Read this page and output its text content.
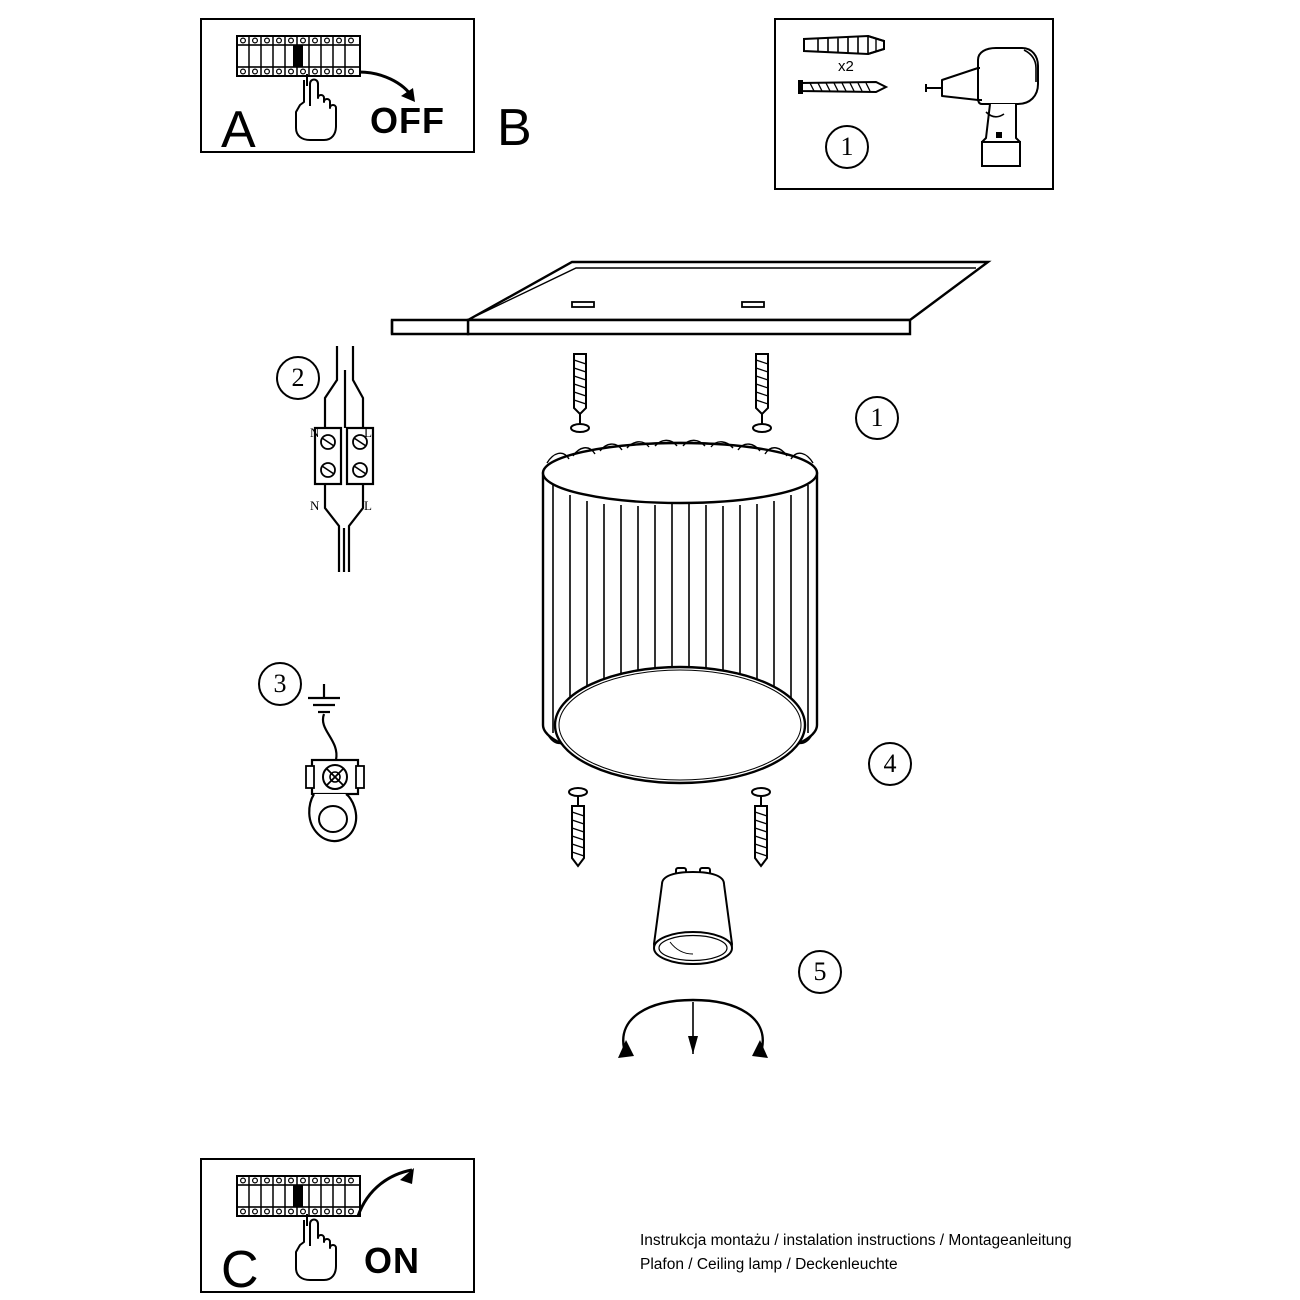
A	OFF B
x2
1
1
4
5
2
N	L
N	L
3
C	ON	Instrukcja montażu / instalation instructions / Montageanleitung
Plafon / Ceiling lamp / Deckenleuchte
